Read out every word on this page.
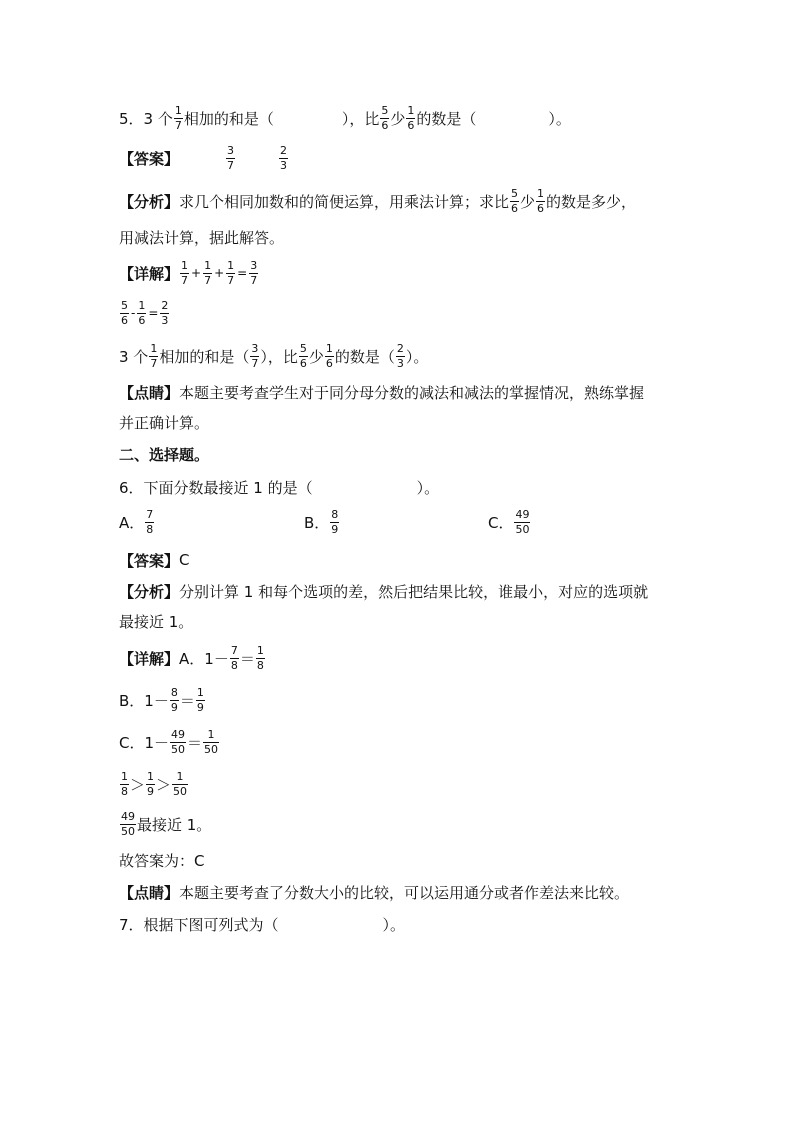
5．3 个 $\frac{1}{7}$ 相加的和是（	），比 $\frac{5}{6}$ 少 $\frac{1}{6}$ 的数是（	）。
【答案】	$\frac{3}{7}$	$\frac{2}{3}$
【分析】 求几个相同加数和的简便运算，用乘法计算；求比 $\frac{5}{6}$ 少 $\frac{1}{6}$ 的数是多少，
用减法计算，据此解答。
【详解】 $\frac{1}{7} + \frac{1}{7} + \frac{1}{7} = \frac{3}{7}$
$\frac{5}{6} - \frac{1}{6} = \frac{2}{3}$
3 个 $\frac{1}{7}$ 相加的和是（ $\frac{3}{7}$ ），比 $\frac{5}{6}$ 少 $\frac{1}{6}$ 的数是（ $\frac{2}{3}$ ）。
【点睛】 本题主要考查学生对于同分母分数的减法和减法的掌握情况，熟练掌握
并正确计算。
二、选择题。
6．下面分数最接近 1 的是（	）。
A． $\frac{7}{8}$	B． $\frac{8}{9}$	C． $\frac{49}{50}$
【答案】 C
【分析】 分别计算 1 和每个选项的差，然后把结果比较，谁最小，对应的选项就
最接近 1。
【详解】 A．$1- \frac{7}{8} = \frac{1}{8}$
B．$1- \frac{8}{9} = \frac{1}{9}$
C．$1- \frac{49}{50} = \frac{1}{50}$
$\frac{1}{8} > \frac{1}{9} > \frac{1}{50}$
$\frac{49}{50}$ 最接近 1。
故答案为：C
【点睛】 本题主要考查了分数大小的比较，可以运用通分或者作差法来比较。
7．根据下图可列式为（	）。
